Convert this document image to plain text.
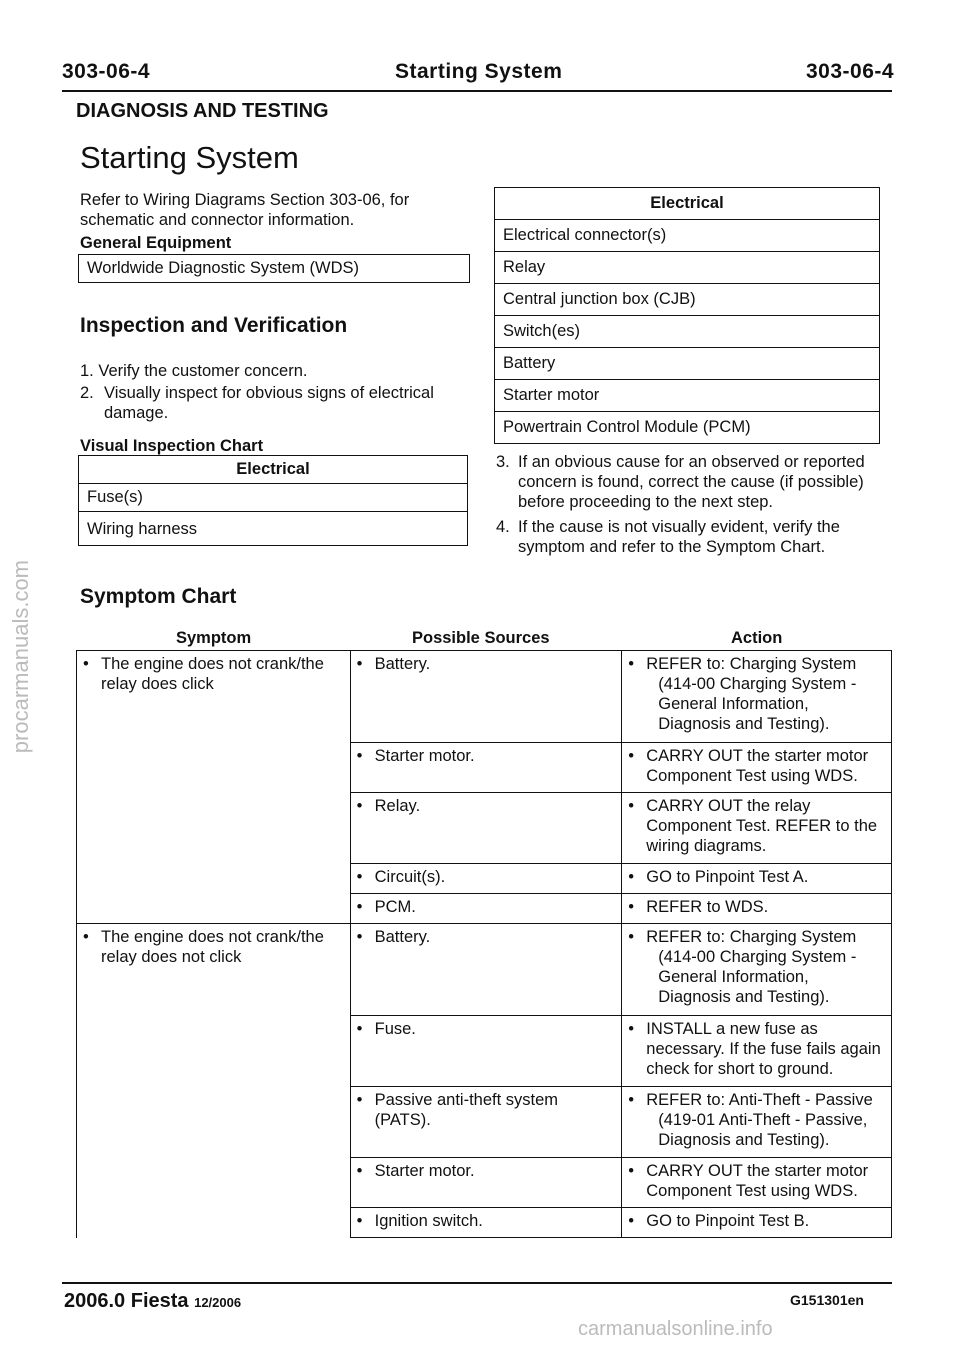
303-06-4	Starting System	303-06-4
DIAGNOSIS AND TESTING
Starting System
Refer to Wiring Diagrams Section 303-06, for schematic and connector information.
General Equipment
Worldwide Diagnostic System (WDS)
Inspection and Verification
1. Verify the customer concern.
2. Visually inspect for obvious signs of electrical damage.
Visual Inspection Chart
Electrical
Fuse(s)
Wiring harness
Electrical
Electrical connector(s)
Relay
Central junction box (CJB)
Switch(es)
Battery
Starter motor
Powertrain Control Module (PCM)
3. If an obvious cause for an observed or reported concern is found, correct the cause (if possible) before proceeding to the next step.
4. If the cause is not visually evident, verify the symptom and refer to the Symptom Chart.
Symptom Chart
Symptom	Possible Sources	Action
• The engine does not crank/the relay does click	• Battery.	• REFER to: Charging System

(414-00 Charging System - General Information, Diagnosis and Testing).

	• Starter motor.	• CARRY OUT the starter motor
Component Test using WDS.

	• Relay.	• CARRY OUT the relay
Component Test. REFER to the wiring diagrams.

	• Circuit(s).	• GO to Pinpoint Test A.

	• PCM.	• REFER to WDS.

• The engine does not crank/the relay does not click	• Battery.	• REFER to: Charging System

(414-00 Charging System - General Information, Diagnosis and Testing).

	• Fuse.	• INSTALL a new fuse as
necessary. If the fuse fails again check for short to ground.

	• Passive anti-theft system (PATS).	• REFER to: Anti-Theft - Passive

(419-01 Anti-Theft - Passive, Diagnosis and Testing).

	• Starter motor.	• CARRY OUT the starter motor
Component Test using WDS.

	• Ignition switch.	• GO to Pinpoint Test B.
2006.0 Fiesta 12/2006	G151301en
procarmanuals.com
carmanualsonline.info
